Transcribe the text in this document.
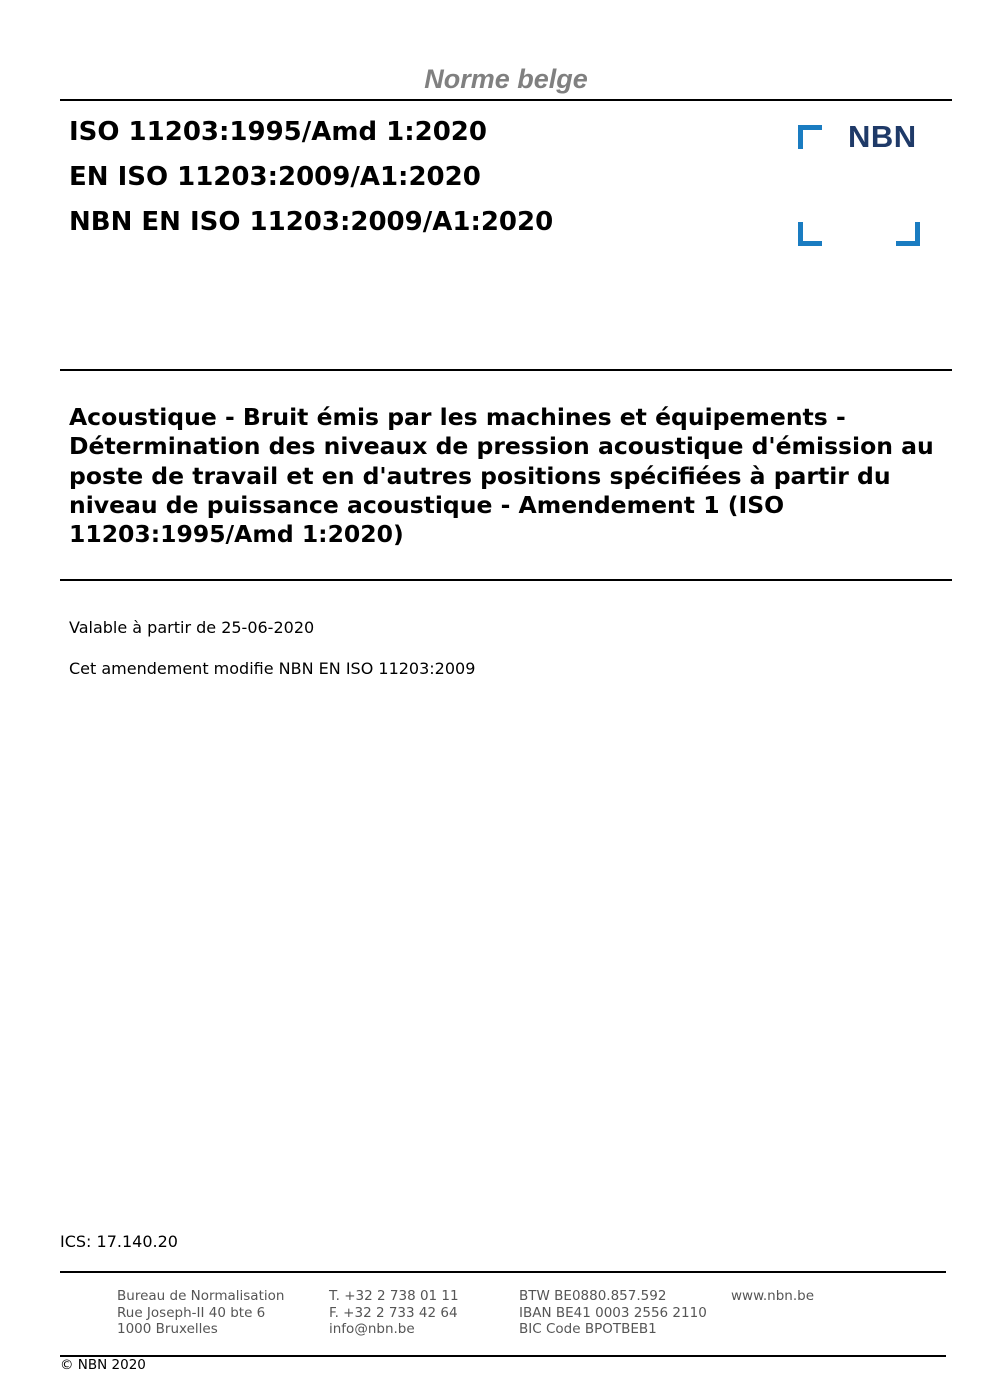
Norme belge
ISO 11203:1995/Amd 1:2020
EN ISO 11203:2009/A1:2020
NBN EN ISO 11203:2009/A1:2020
NBN
Acoustique - Bruit émis par les machines et équipements - Détermination des niveaux de pression acoustique d'émission au poste de travail et en d'autres positions spécifiées à partir du niveau de puissance acoustique - Amendement 1 (ISO 11203:1995/Amd 1:2020)
Valable à partir de 25-06-2020
Cet amendement modifie NBN EN ISO 11203:2009
ICS: 17.140.20
Bureau de Normalisation
Rue Joseph-II 40 bte 6
1000 Bruxelles
T. +32 2 738 01 11
F. +32 2 733 42 64
info@nbn.be
BTW BE0880.857.592
IBAN BE41 0003 2556 2110
BIC Code BPOTBEB1
www.nbn.be
© NBN 2020
